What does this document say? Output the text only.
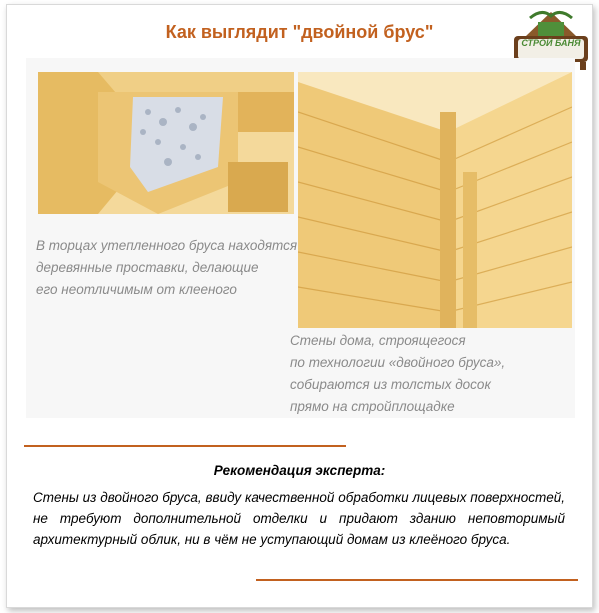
Как выглядит "двойной брус"
СТРОЙ БАНЯ
В торцах утепленного бруса находятся
деревянные проставки, делающие
его неотличимым от клееного
Стены дома, строящегося
по технологии «двойного бруса»,
собираются из толстых досок
прямо на стройплощадке
Рекомендация эксперта:
Стены из двойного бруса, ввиду качественной обработки лицевых поверхностей, не требуют дополнительной отделки и придают зданию неповторимый архитектурный облик, ни в чём не уступающий домам из клеёного бруса.
